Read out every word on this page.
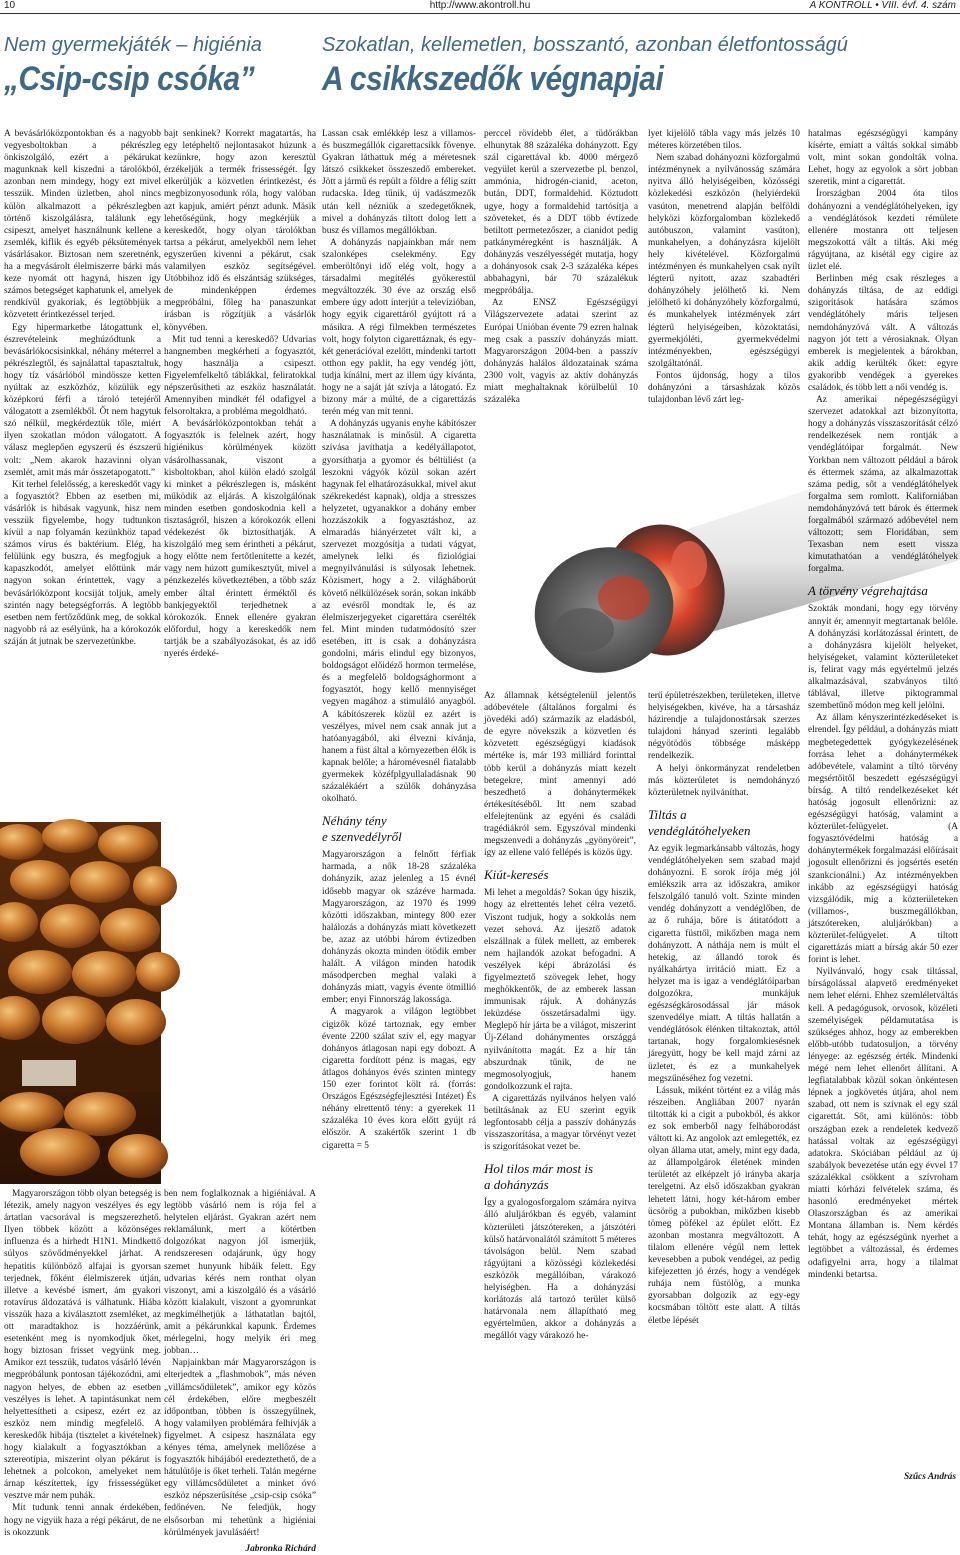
10	http://www.akontroll.hu	A KONTROLL • VIII. évf. 4. szám
Nem gyermekjáték – higiénia
„Csip-csip csóka”
Szokatlan, kellemetlen, bosszantó, azonban életfontosságú
A csikkszedők végnapjai

A bevásárlóközpontokban és a nagyobb vegyesboltokban a pékrészleg önkiszolgáló, ezért a pékárukat magunknak kell kiszedni a tárolókból, azonban nem mindegy, hogy ezt mivel tesszük. Minden üzletben, ahol nincs külön alkalmazott a pékrészlegben történő kiszolgálásra, találunk egy csipeszt, amelyet használnunk kellene a zsemlék, kiflik és egyéb péksütemények vásárlásakor. Biztosan nem szeretnénk, ha a megvásárolt élelmiszerre bárki más keze nyomát ott hagyná, hiszen így számos betegséget kaphatunk el, amelyek rendkívül gyakoriak, és legtöbbjük a közvetett érintkezéssel terjed.

Egy hipermarketbe látogattunk el, észrevételeink meghúzódtunk a bevásárlókocsisinkkal, néhány méterrel a pékrészlegtől, és sajnálattal tapasztaltuk, hogy tíz vásárlóból mindössze ketten nyúltak az eszközhöz, közülük egy középkorú férfi a tároló tetejéről válogatott a zsemlékből. Őt nem hagytuk szó nélkül, megkérdeztük tőle, miért ilyen szokatlan módon válogatott. A válasz meglepően egyszerű és észszerű volt: „Nem akarok hazavinni olyan zsemlét, amit más már összetapogatott.”

Kit terhel felelősség, a kereskedőt vagy a fogyasztót? Ebben az esetben mi, vásárlók is hibásak vagyunk, hisz nem vesszük figyelembe, hogy tudtunkon kívül a nap folyamán kezünkhöz tapad számos vírus és baktérium. Elég, ha felülünk egy buszra, és megfogjuk a kapaszkodót, amelyet előttünk már nagyon sokan érintettek, vagy a bevásárlóközpont kocsiját toljuk, amely szintén nagy betegségforrás. A legtöbb esetben nem fertőződünk meg, de sokkal nagyobb rá az esélyünk, ha a kórokozók száján át jutnak be szervezetünkbe.

Magyarországon több olyan betegség is létezik, amely nagyon veszélyes és egy ártatlan vacsorával is megszerezhető. Ilyen többek között a közönséges influenza és a hírhedt H1N1. Mindkettő súlyos szövődményekkel járhat. A hepatitis különböző alfajai is gyorsan terjednek, főként élelmiszerek útján, illetve a kevésbé ismert, ám gyakori rotavírus áldozatává is válhatunk. Hiába visszük haza a kiválasztott zsemléket, az ott maradtakhoz is hozzáérünk, esetenként meg is nyomkodjuk őket, hogy biztosan frisset vegyünk meg. Amikor ezt tesszük, tudatos vásárló lévén megpróbálunk pontosan tájékozódni, ami nagyon helyes, de ebben az esetben veszélyes is lehet. A tapintásunkat nem helyettesítheti a csipesz, ezért ez az eszköz nem mindig megfelelő. A kereskedők hibája (tisztelet a kivételnek) hogy kialakult a fogyasztókban a sztereotípia, miszerint olyan pékárut is lehetnek a polcokon, amelyeket nem árnap készítettek, így frissességüket vesztve már nem puhák.

Mit tudunk tenni annak érdekében, hogy ne vigyük haza a régi pékárut, de ne is okozzunk

bajt senkinek? Korrekt magatartás, ha egy letépheltő nejlontasakot húzunk a kezünkre, hogy azon keresztül érzékeljük a termék frissességét. Így elkerüljük a közvetlen érintkezést, és megbizonyosodunk róla, hogy valóban azt kapjuk, amiért pénzt adunk. Másik lehetőségünk, hogy megkérjük a kereskedőt, hogy olyan tárolókban tartsa a pékárut, amelyekből nem lehet egyszerűen kivenni a pékárut, csak valamilyen eszköz segítségével. Utóbbihoz idő és elszántság szükséges, de mindenképpen érdemes megpróbálni, főleg ha panaszunkat írásban is rögzítjük a vásárlók könyvében.

Mit tud tenni a kereskedő? Udvarias hangnemben megkérheti a fogyasztót, hogy használja a csipeszt. Figyelemfelkeltő táblákkal, feliratokkal népszerűsítheti az eszköz használatát. Amennyiben mindkét fél odafigyel a felsoroltakra, a probléma megoldható.

A bevásárlóközpontokban tehát a fogyasztók is felelnek azért, hogy higiénikus körülmények között vásárolhassanak, viszont a kisboltokban, ahol külön eladó szolgál ki minket a pékrészlegen is, másként működik az eljárás. A kiszolgálónak minden esetben gondoskodnia kell a tisztaságról, hiszen a kórokozók elleni védekezést ők biztosíthatják. A kiszolgáló meg sem érintheti a pékárut, hogy előtte nem fertőtlenítette a kezét, vagy nem húzott gumikesztyűt, mivel a pénzkezelés következtében, a több száz ember által érintett érméktől és bankjegyektől terjedhetnek a kórokozók. Ennek ellenére gyakran előfordul, hogy a kereskedők nem tartják be a szabályozásokat, és az idő nyerés érdeké-

ben nem foglalkoznak a higiéniával. A legtöbb vásárló nem is rója fel a helytelen eljárást. Gyakran azért nem reklamálunk, mert a kötértben dolgozókat nagyon jól ismerjük, rendszeresen odajárunk, úgy hogy szemet hunyunk hibáik felett. Egy udvarias kérés nem ronthat olyan viszonyt, ami a kiszolgáló és a vásárló között kialakult, viszont a gyomrunkat megkímélhetjük a láthatatlan bajtól, amit a pékárunkkal kapunk. Érdemes mérlegelni, hogy melyik éri meg jobban…

Napjainkban már Magyarországon is elterjedtek a „flashmobok”, más néven „villámcsődületek”, amikor egy közös cél érdekében, előre megbeszélt időpontban, többen is összegyűlnek, hogy valamilyen problémára felhívják a figyelmet. A csipesz használata egy kényes téma, amelynek mellőzése a fogyasztók hibájából eredeztethető, de a hátulütője is őket terheli. Talán megérne egy villámcsődületet a minket óvó eszköz népszerűsítése „csip-csip csóka” fedőnéven. Ne feledjük, hogy elsősorban mi tehetünk a higiéniai körülmények javulásáért!

Jabronka Richárd

Lassan csak emlékkép lesz a villamos- és buszmegállók cigarettacsikk fövenye. Gyakran láthattuk még a méretesnek látszó csikkeket összeszedő embereket. Jött a jármű és repült a földre a félig szítt rudacska. Ideg tűnik, új vadászmezők után kell nézniük a szedegetőknek, mivel a dohányzás tiltott dolog lett a busz és villamos megállókban.

A dohányzás napjainkban már nem szalonképes cselekmény. Egy emberöltőnyi idő elég volt, hogy a társadalmi megítélés gyökerestül megváltozzék. 30 éve az ország első embere úgy adott interjút a televízióban, hogy egyik cigarettáról gyújtott rá a másikra. A régi filmekben természetes volt, hogy folyton cigarettáznak, és egy-két generációval ezelőtt, mindenki tartott otthon egy paklit, ha egy vendég jött, tudja kínálni, mert az illem úgy kívánta, hogy ne a saját ját szívja a látogató. Ez bizony már a múlté, de a cigarettázás terén még van mit tenni.

A dohányzás ugyanis enyhe kábítószer használatnak is minősül. A cigaretta szívása javíthatja a kedélyállapotot, gyorsíthatja a gyomor és béltüliést (a leszokni vágyók közül sokan azért hagynak fel elhatározásukkal, mivel akut székrekedést kapnak), oldja a stresszes helyzetet, ugyanakkor a dohány ember hozzászokik a fogyasztáshoz, az elmaradás hiányérzetet vált ki, a szervezet mozgósítja a tudati vágyat, amelynek lelki és fiziológiai megnyilvánulási is súlyosak lehetnek. Közismert, hogy a 2. világháborút követő nélkülözések során, sokan inkább az evésről mondtak le, és az élelmiszerjegyeket cigarettára cserélték fel. Mint minden tudatmódosító szer esetében, itt is csak a dohányzásra gondolni, máris elindul egy bizonyos, boldogságot előidéző hormon termelése, és a megfelelő boldogsághormont a fogyasztót, hogy kellő mennyiséget vegyen magához a stimuláló anyagból. A kábítószerek közül ez azért is veszélyes, mivel nem csak annak jut a hatóanyagából, aki élvezni kívánja, hanem a füst által a környezetben élők is kapnak belőle; a háromévesnél fiatalabb gyermekek közéfplgyullaladásnak 90 százalékáért a szülők dohányzása okolható.

Néhány tény
e szenvedélyről

Magyarországon a felnőtt férfiak harmada, a nők 18-28 százaléka dohányzik, azaz jelenleg a 15 évnél idősebb magyar ok százéve harmada. Magyarországon, az 1970 és 1999 közötti időszakban, mintegy 800 ezer halálozás a dohányzás miatt következett be, azaz az utóbbi három évtizedben dohányzás okozta minden ötödik ember halált. A világon minden hatodik másodpercben meghal valaki a dohányzás miatt, vagyis évente ötmillió ember; enyi Finnország lakossága.

A magyarok a világon legtöbbet cigizők közé tartoznak, egy ember évente 2200 szálat szív el, egy magyar dohányos átlagosan napi egy dobozt. A cigaretta fordított pénz is magas, egy átlagos dohányos évés szinten mintegy 150 ezer forintot költ rá. (forrás: Országos Egészségfejlesztési Intézet) És néhány elrettentő tény: a gyerekek 11 százaléka 10 éves kora előtt gyújt rá először. A szakértők szerint 1 db cigaretta = 5

perccel rövidebb élet, a tüdőrákban elhunytak 88 százaléka dohányzott. Egy szál cigarettával kb. 4000 mérgező vegyület kerül a szervezetbe pl. benzol, ammónia, hidrogén-cianid, aceton, bután, DDT, formaldehid. Köztudott ugye, hogy a formaldehid tartósítja a szöveteket, és a DDT több évtizede betiltott permetezőszer, a cianidot pedig patkányméregként is használják. A dohányzás veszélyességét mutatja, hogy a dohányosok csak 2-3 százaléka képes abbahagyni, bár 70 százalékuk megpróbálja.

Az ENSZ Egészségügyi Világszervezete adatai szerint az Európai Unióban évente 79 ezren halnak meg csak a passzív dohányzás miatt. Magyarországon 2004-ben a passzív dohányzás halálos áldozatainak száma 2300 volt, vagyis az aktív dohányzás miatt meghaltaknak körülbelül 10 százaléka

lyet kijelölő tábla vagy más jelzés 10 méteres körzetében tilos.

Nem szabad dohányozni közforgalmú intézménynek a nyilvánosság számára nyitva álló helyiségeiben, közösségi közlekedési eszközön (helyiérdekű vasúton, menetrend alapján belföldi helyközi közforgalomban közlekedő autóbuszon, valamint vasúton), munkahelyen, a dohányzásra kijelölt hely kivételével. Közforgalmú intézményen és munkahelyen csak nyílt légterű nyitott, azaz szabadtéri dohányzóhely jelölhető ki. Nem jelölhető ki dohányzóhely közforgalmú, és munkahelyek intézmények zárt légterű helyiségeiben, közoktatási, gyermekjóléti, gyermekvédelmi intézményekben, egészségügyi szolgáltatónál.

Fontos újdonság, hogy a tilos dohányzóni a társasházak közös tulajdonban lévő zárt leg-

Az államnak kétségtelenül jelentős adóbevétele (általános forgalmi és jövedéki adó) származik az eladásból, de egyre növekszik a közvetlen és közvetett egészségügyi kiadások mértéke is, már 193 milliárd forinttal több kerül a dohányzás miatt kezelt betegekre, mint amennyi adó beszedhető a dohánytermékek értékesítéséből. Itt nem szabad elfelejtenünk az egyéni és családi tragédiákról sem. Egyszóval mindenki megszenvedi a dohányzás „gyönyöreit”, így az ellene való fellépés is közös ügy.

Kiút-keresés

Mi lehet a megoldás? Sokan úgy hiszik, hogy az elrettentés lehet célra vezető. Viszont tudjuk, hogy a sokkolás nem vezet sehová. Az ijesztő adatok elszállnak a fülek mellett, az emberek nem hajlandók azokat befogadni. A veszélyek képi ábrázolási és figyelmeztető szövegek lehet, hogy meghökkentők, de az emberek lassan immunisak rájuk. A dohányzás leküzdése összetársadalmi ügy. Meglepő hír járta be a világot, miszerint Új-Zéland dohánymentes országgá nyilvánította magát. Ez a hír tán abszurdnak tűnik, de ne megmosolyogjuk, hanem gondolkozzunk el rajta.

A cigarettázás nyilvános helyen való betiltásának az EU szerint egyik legfontosabb célja a passzív dohányzás visszaszorítása, a magyar törvényt vezet is szigorításokat vezet be.

Hol tilos már most is
a dohányzás

Így a gyalogosforgalom számára nyitva álló aluljárókban és egyéb, valamint közterületi játszótereken, a játszótéri külső határvonalától számított 5 méteres távolságon belül. Nem szabad rágyújtani a közösségi közlekedési eszközök megállóiban, várakozó helyiségben. Ha a dohányzási korlátozás alá tartozó terület külső határvonala nem állapítható meg egyértelműen, akkor a dohányzás a megállót vagy várakozó he-

terű épületrészekben, területeken, illetve helyiségekben, kivéve, ha a társasház házirendje a tulajdonostársak szerzes tulajdoni hányad szerinti legalább négyötödös többsége másképp rendelkezik.

A helyi önkormányzat rendeletben más közterületet is nemdohányzó közterületnek nyilváníthat.

Tiltás a
vendéglátóhelyeken

Az egyik legmarkánsabb változás, hogy vendéglátóhelyeken sem szabad majd dohányozni. E sorok írója még jól emlékszik arra az időszakra, amikor felszolgáló tanuló volt. Szinte minden vendég dohányzott a vendéglőben, de az ő ruhája, bőre is átitatódott a cigaretta füsttől, mikőzben maga nem dohányzott. A náthája nem is múlt el hetekig, az állandó torok és nyálkahártya irritáció miatt. Ez a helyzet ma is igaz a vendéglátóiparban dolgozókra, munkájuk egészségkárosodással jár mások szenvedélye miatt. A tiltás hallatán a vendéglátósok élénken tiltakoztak, attól tartanak, hogy forgalomkiesésnek járegyütt, hogy be kell majd zárni az üzletet, és ez a munkahelyek megszűnéséhez fog vezetni.

Lássuk, miként történt ez a világ más részeiben. Angliában 2007 nyarán tiltották ki a cigit a pubokból, és akkor ez sok emberből nagy felháborodást váltott ki. Az angolok azt emlegették, ez olyan állama utat, amely, mint egy dada, az állampolgárok életének minden területét az elképzelt jó irányba akarja terelgetni. Az első időszakban gyakran lehetett látni, hogy két-három ember ücsörög a pubokban, mikőzben kisebb tömeg pöfékel az épület előtt. Ez azonban mostanra megváltozott. A tilalom ellenére végül nem lettek kevesebben a pubok vendégei, az pedig kifejezetten jó érzés, hogy a vendégek ruhája nem füstölög, a munka gyorsabban dolgozik az egy-egy kocsmában töltött este alatt. A tiltás életbe lépését

hatalmas egészségügyi kampány kísérte, emiatt a váltás sokkal simább volt, mint sokan gondolták volna. Lehet, hogy az egyolok a sört jobban szeretik, mint a cigarettát.

Írországban 2004 óta tilos dohányozni a vendéglátóhelyeken, így a vendéglátósok kezdeti rémülete ellenére mostanra ott teljesen megszokottá vált a tiltás. Aki még rágyújtana, az kisétál egy cigire az üzlet elé.

Berlinben még csak részleges a dohányzás tiltása, de az eddigi szigorítások hatására számos vendéglátóhely máris teljesen nemdohányzóvá vált. A változás nagyon jót tett a vérosiaknak. Olyan emberek is megjelentek a bárokban, akik addig kerülték őket: egyre gyakoribb vendégek a gyerekes családok, és több lett a női vendég is.

Az amerikai népegészségügyi szervezet adatokkal azt bizonyította, hogy a dohányzás visszaszorítását célzó rendelkezések nem rontják a vendéglátóipar forgalmát. New Yorkban nem változott például a bárok és éttermek száma, az alkalmazottak száma pedig, sőt a vendéglátóhelyek forgalma sem romlott. Kaliforniában nemdohányzóvá tett bárok és éttermek forgalmából származó adóbevétel nem változott; sem Floridában, sem Texasban nem esett vissza kimutathatóan a vendéglátóhelyek forgalma.

A törvény végrehajtása

Szokták mondani, hogy egy törvény annyit ér, amennyit megtartanak belőle. A dohányzási korlátozással érintett, de a dohányzásra kijelölt helyeket, helyiségeket, valamint közterületeket is, felirat vagy más egyértelmű jelzés alkalmazásával, szabványos tiltó táblával, illetve piktogrammal szembetűnő módon meg kell jelölni.

Az állam kényszerintézkedéseket is elrendel. Így például, a dohányzás miatt megbetegedettek gyógykezelésének forrása lehet a dohánytermékek adóbevétele, valamint a tiltó törvény megsértőitől beszedett egészségügyi bírság. A tiltó rendelkezéseket két hatóság jogosult ellenőrizni: az egészségügyi hatóság, valamint a közterület-felügyelet. (A fogyasztóvédelmi hatóság a dohánytermékek forgalmazási előírásait jogosult ellenőrizni és jogsértés esetén szankcionálni.) Az intézményekben inkább az egészségügyi hatóság vizsgálódik, míg a közterületeken (villamos-, buszmegállókban, játszótereken, aluljárókban) a közterület-felügyelet. A tiltott cigarettázás miatt a bírság akár 50 ezer forint is lehet.

Nyilvánvaló, hogy csak tiltással, bírságolással alapvető eredményeket nem lehet elérni. Ehhez szemléletváltás kell. A pedagógusok, orvosok, közéleti személyiségek példamutatása is szükséges ahhoz, hogy az emberekben előbb-utóbb tudatosuljon, a törvény lényege: az egészség érték. Mindenki mégé nem lehet ellenőrt állítani. A legfiatalabbak közül sokan önkéntesen lépnek a jogkövetés útjára, ahol nem szabad, ott nem is szívnak el egy szál cigarettát. Sőt, ami különös: több országban ezek a rendeletek kedvező hatással voltak az egészségügyi adatokra. Skóciában például az új szabályok bevezetése után egy évvel 17 százalékkal csökkent a szívroham miatti kórházi felvételek száma, és hasonló eredményeket mértek Olaszországban és az amerikai Montana államban is. Nem kérdés tehát, hogy az egészségünk nyerhet a legtöbbet a változással, és érdemes odafigyelni arra, hogy a tilalmat mindenki betartsa.

Szűcs András
